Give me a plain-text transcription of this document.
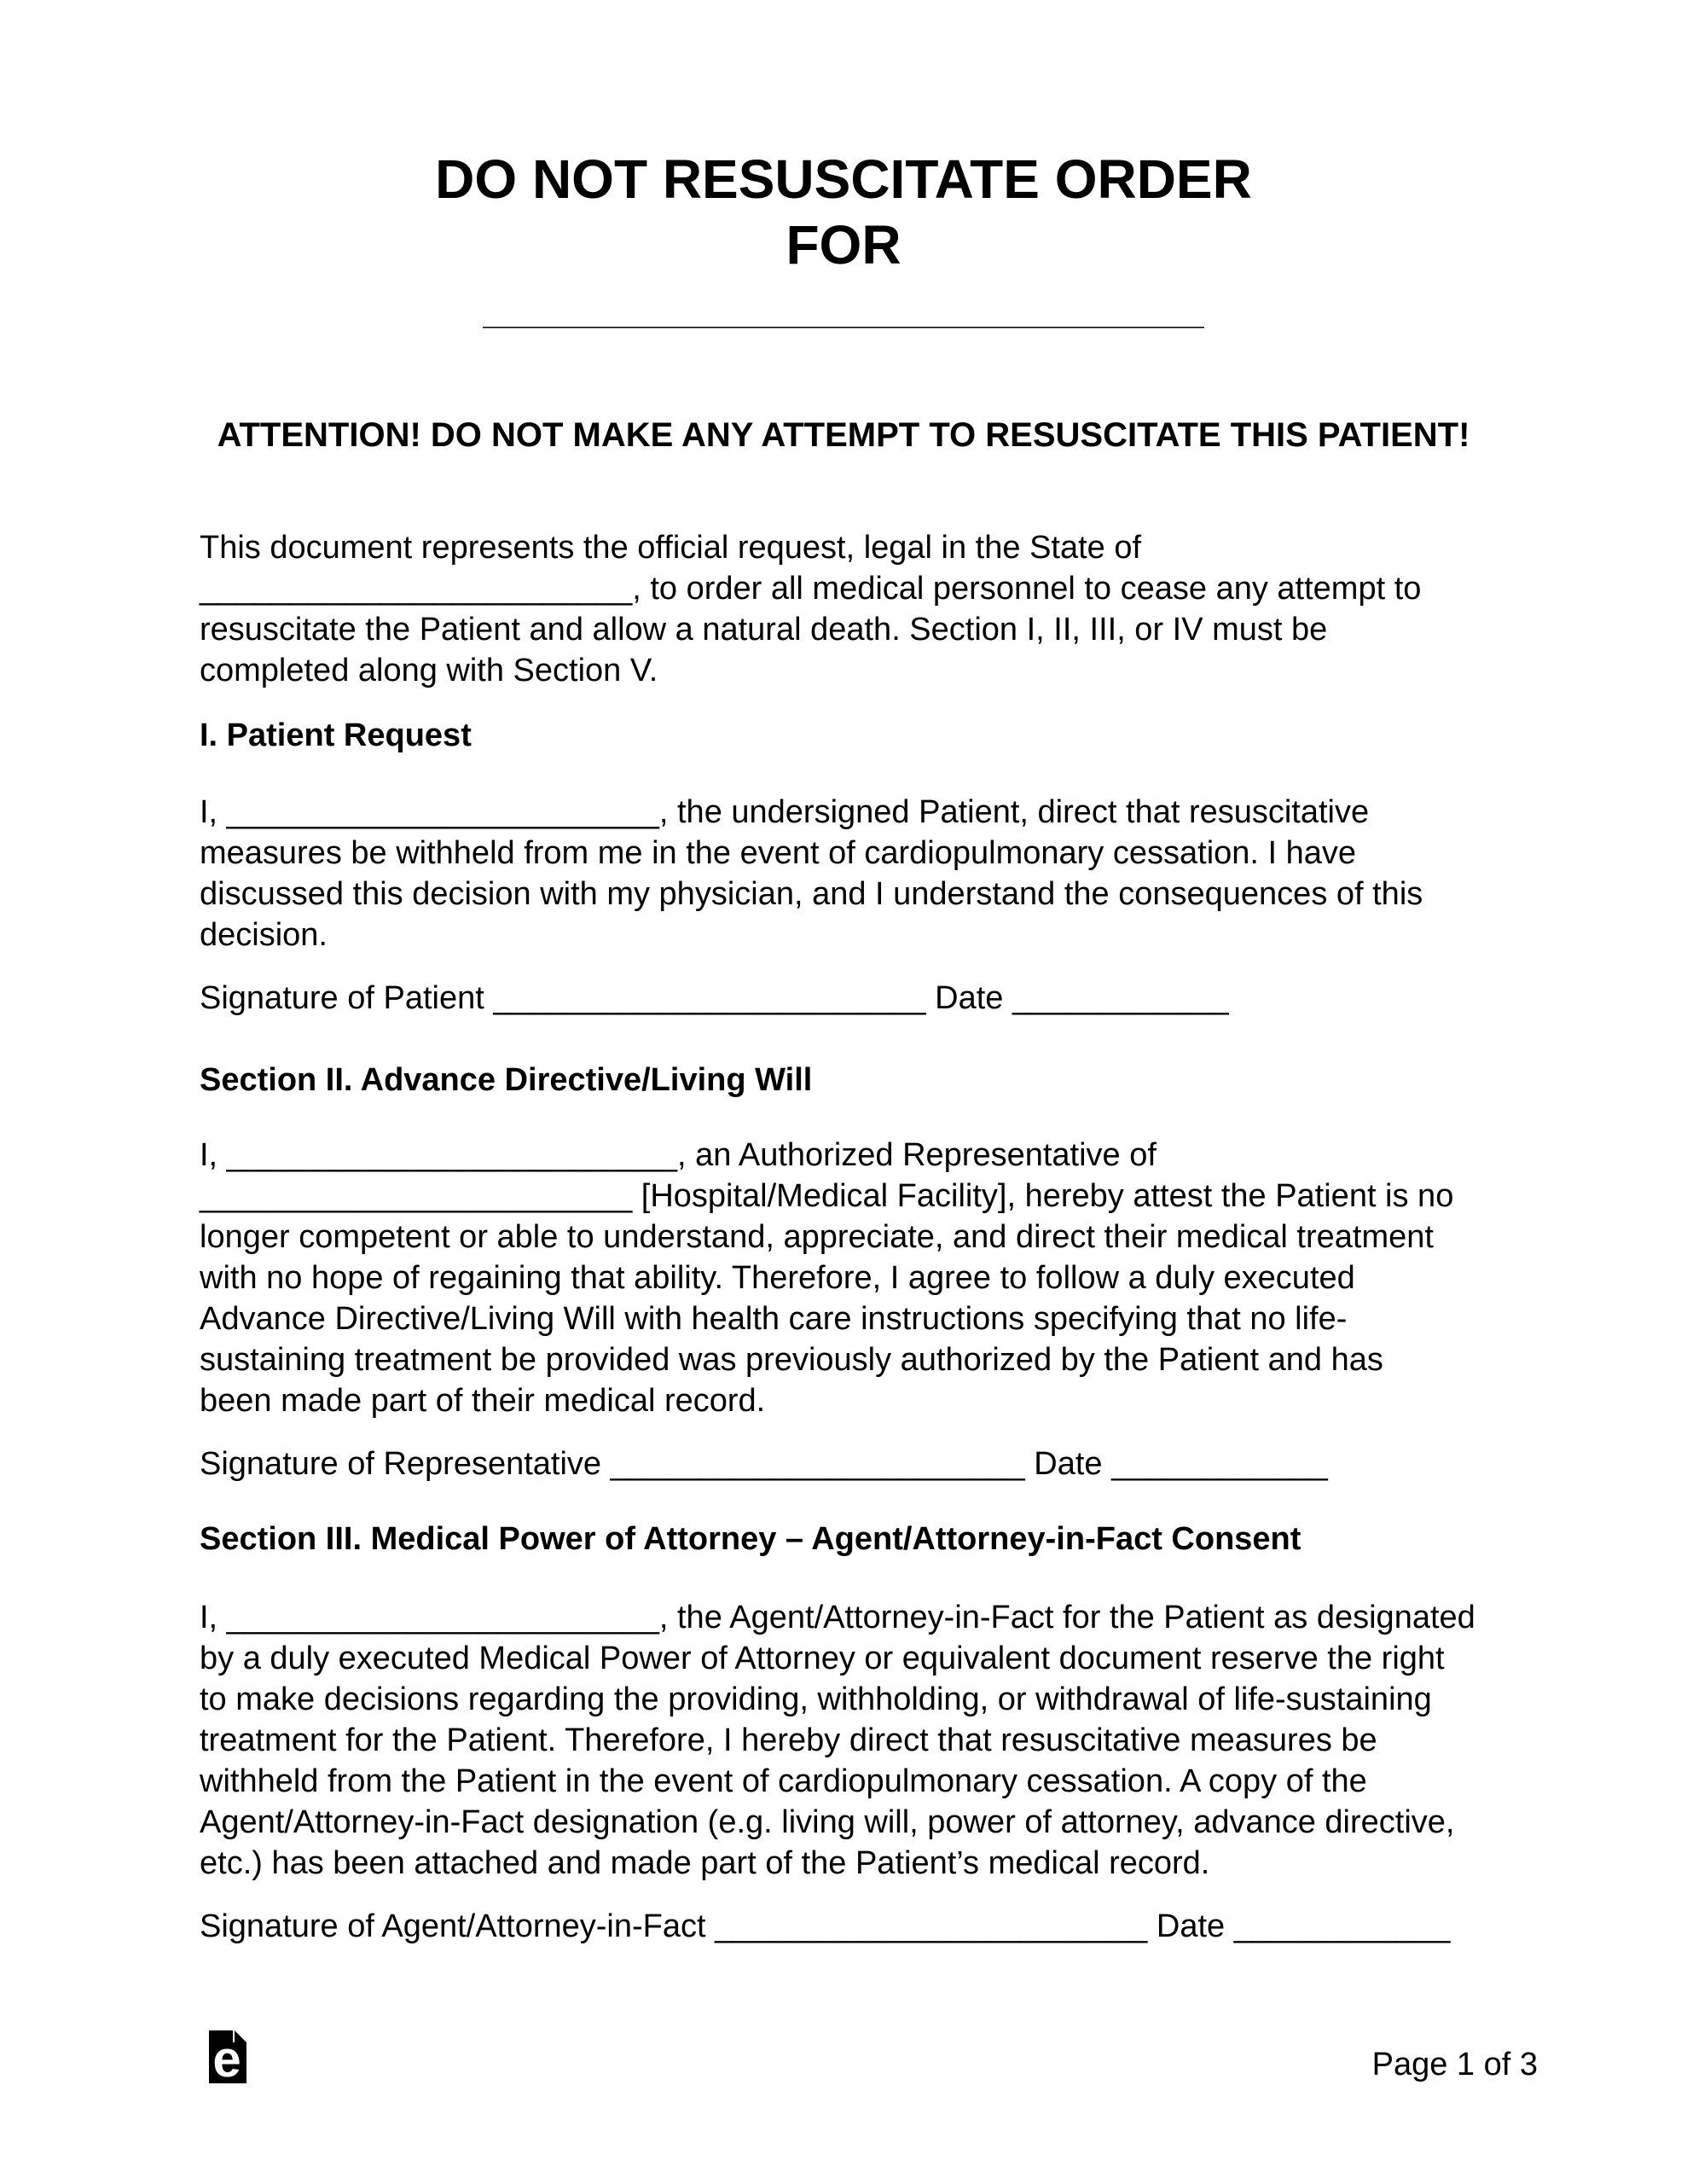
DO NOT RESUSCITATE ORDER
FOR
________________________________________
ATTENTION! DO NOT MAKE ANY ATTEMPT TO RESUSCITATE THIS PATIENT!
This document represents the official request, legal in the State of
________________________, to order all medical personnel to cease any attempt to
resuscitate the Patient and allow a natural death. Section I, II, III, or IV must be
completed along with Section V.
I. Patient Request
I, ________________________, the undersigned Patient, direct that resuscitative
measures be withheld from me in the event of cardiopulmonary cessation. I have
discussed this decision with my physician, and I understand the consequences of this
decision.
Signature of Patient ________________________ Date ____________
Section II. Advance Directive/Living Will
I, _________________________, an Authorized Representative of
________________________ [Hospital/Medical Facility], hereby attest the Patient is no
longer competent or able to understand, appreciate, and direct their medical treatment
with no hope of regaining that ability. Therefore, I agree to follow a duly executed
Advance Directive/Living Will with health care instructions specifying that no life-
sustaining treatment be provided was previously authorized by the Patient and has
been made part of their medical record.
Signature of Representative _______________________ Date ____________
Section III. Medical Power of Attorney – Agent/Attorney-in-Fact Consent
I, ________________________, the Agent/Attorney-in-Fact for the Patient as designated
by a duly executed Medical Power of Attorney or equivalent document reserve the right
to make decisions regarding the providing, withholding, or withdrawal of life-sustaining
treatment for the Patient. Therefore, I hereby direct that resuscitative measures be
withheld from the Patient in the event of cardiopulmonary cessation. A copy of the
Agent/Attorney-in-Fact designation (e.g. living will, power of attorney, advance directive,
etc.) has been attached and made part of the Patient’s medical record.
Signature of Agent/Attorney-in-Fact ________________________ Date ____________
e	Page 1 of 3
